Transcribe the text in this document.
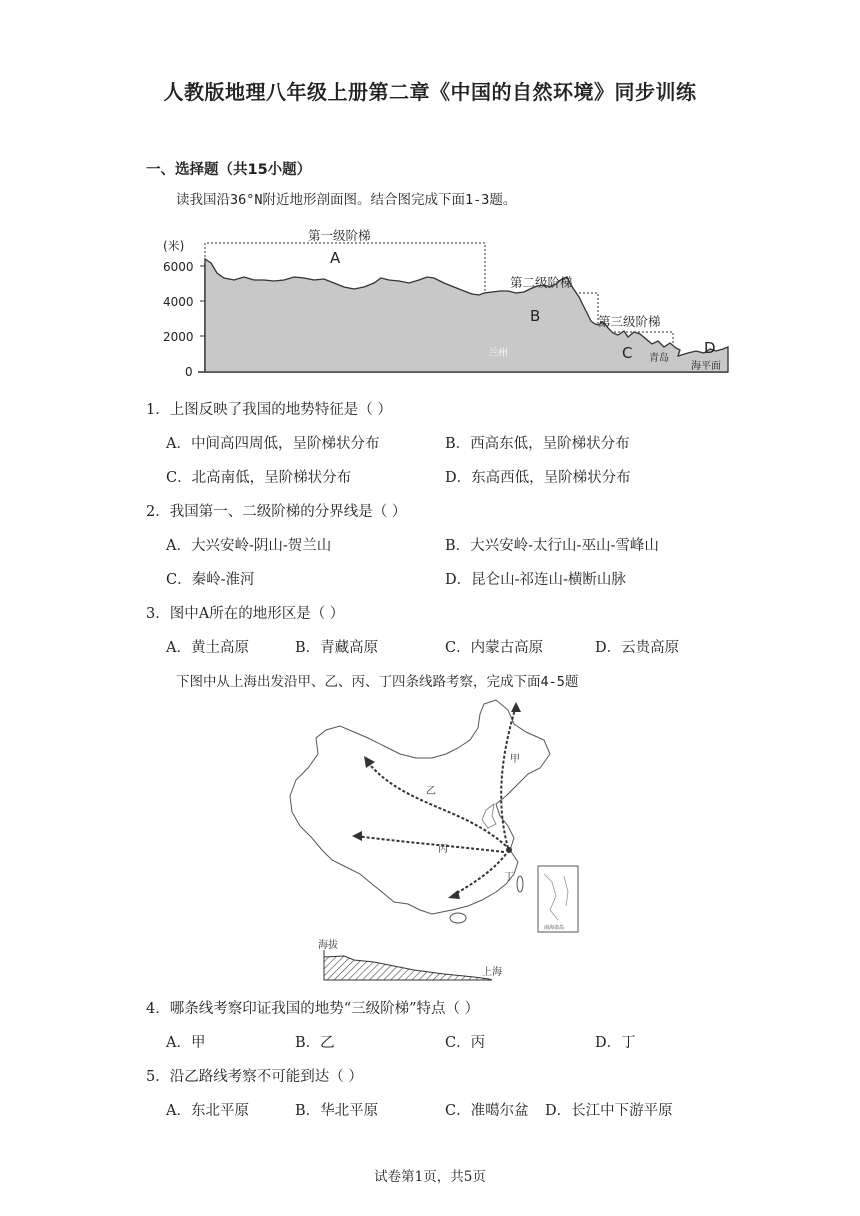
人教版地理八年级上册第二章《中国的自然环境》同步训练
一、选择题（共15小题）
读我国沿36°N附近地形剖面图。结合图完成下面1-3题。
(米)
6000
4000
2000
0
第一级阶梯
第二级阶梯
第三级阶梯
A
B
C	D
兰州	青岛
海平面
1．上图反映了我国的地势特征是（ ）
A．中间高四周低，呈阶梯状分布	B．西高东低，呈阶梯状分布
C．北高南低，呈阶梯状分布	D．东高西低，呈阶梯状分布
2．我国第一、二级阶梯的分界线是（ ）
A．大兴安岭-阴山-贺兰山	B．大兴安岭-太行山-巫山-雪峰山
C．秦岭-淮河	D．昆仑山-祁连山-横断山脉
3．图中A所在的地形区是（ ）
A．黄土高原	B．青藏高原	C．内蒙古高原	D．云贵高原
下图中从上海出发沿甲、乙、丙、丁四条线路考察，完成下面4-5题
南海诸岛
甲
乙
丙
丁
海拔
上海
4．哪条线考察印证我国的地势“三级阶梯”特点（ ）
A．甲	B．乙	C．丙	D．丁
5．沿乙路线考察不可能到达（ ）
A．东北平原	B．华北平原	C．准噶尔盆 D．长江中下游平原
试卷第1页，共5页
